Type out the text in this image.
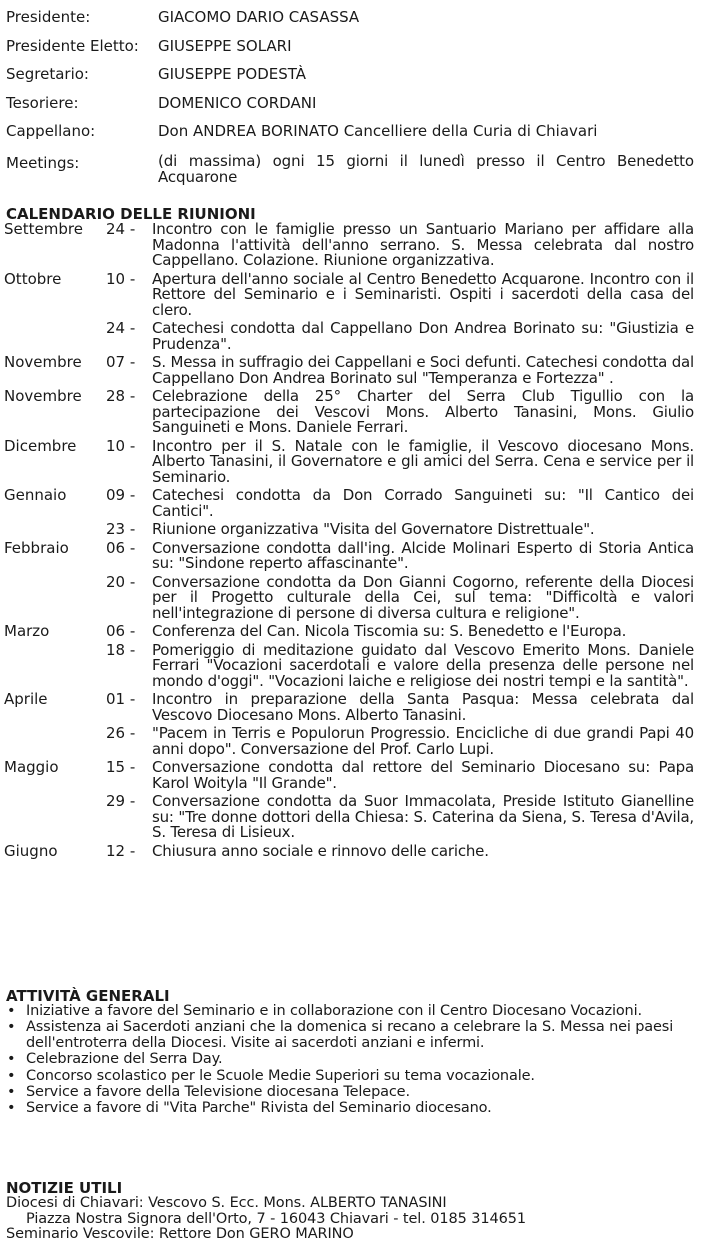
Presidente:	GIACOMO DARIO CASASSA
Presidente Eletto: GIUSEPPE SOLARI
Segretario:	GIUSEPPE PODESTÀ
Tesoriere:	DOMENICO CORDANI
Cappellano:	Don ANDREA BORINATO Cancelliere della Curia di Chiavari
Meetings:	(di massima) ogni 15 giorni il lunedì presso il Centro Benedetto Acquarone
CALENDARIO DELLE RIUNIONI
Settembre	24 -	Incontro con le famiglie presso un Santuario Mariano per affidare alla Madonna l'attività dell'anno serrano. S. Messa celebrata dal nostro Cappellano. Colazione. Riunione organizzativa.
Ottobre	10 -	Apertura dell'anno sociale al Centro Benedetto Acquarone. Incontro con il Rettore del Seminario e i Seminaristi. Ospiti i sacerdoti della casa del clero.
24 -	Catechesi condotta dal Cappellano Don Andrea Borinato su: "Giustizia e Prudenza".
Novembre	07 -	S. Messa in suffragio dei Cappellani e Soci defunti. Catechesi condotta dal Cappellano Don Andrea Borinato sul "Temperanza e Fortezza" .
Novembre	28 -	Celebrazione della 25° Charter del Serra Club Tigullio con la partecipazione dei Vescovi Mons. Alberto Tanasini, Mons. Giulio Sanguineti e Mons. Daniele Ferrari.
Dicembre	10 -	Incontro per il S. Natale con le famiglie, il Vescovo diocesano Mons. Alberto Tanasini, il Governatore e gli amici del Serra. Cena e service per il Seminario.
Gennaio	09 -	Catechesi condotta da Don Corrado Sanguineti su: "Il Cantico dei Cantici".
23 -	Riunione organizzativa "Visita del Governatore Distrettuale".
Febbraio	06 -	Conversazione condotta dall'ing. Alcide Molinari Esperto di Storia Antica su: "Sindone reperto affascinante".
20 -	Conversazione condotta da Don Gianni Cogorno, referente della Diocesi per il Progetto culturale della Cei, sul tema: "Difficoltà e valori nell'integrazione di persone di diversa cultura e religione".
Marzo	06 -	Conferenza del Can. Nicola Tiscomia su: S. Benedetto e l'Europa.
18 -	Pomeriggio di meditazione guidato dal Vescovo Emerito Mons. Daniele Ferrari "Vocazioni sacerdotali e valore della presenza delle persone nel mondo d'oggi". "Vocazioni laiche e religiose dei nostri tempi e la santità".
Aprile	01 -	Incontro in preparazione della Santa Pasqua: Messa celebrata dal Vescovo Diocesano Mons. Alberto Tanasini.
26 -	"Pacem in Terris e Populorun Progressio. Encicliche di due grandi Papi 40 anni dopo". Conversazione del Prof. Carlo Lupi.
Maggio	15 -	Conversazione condotta dal rettore del Seminario Diocesano su: Papa Karol Woityla "Il Grande".
29 -	Conversazione condotta da Suor Immacolata, Preside Istituto Gianelline su: "Tre donne dottori della Chiesa: S. Caterina da Siena, S. Teresa d'Avila, S. Teresa di Lisieux.
Giugno	12 -	Chiusura anno sociale e rinnovo delle cariche.
ATTIVITÀ GENERALI
• Iniziative a favore del Seminario e in collaborazione con il Centro Diocesano Vocazioni.
• Assistenza ai Sacerdoti anziani che la domenica si recano a celebrare la S. Messa nei paesi dell'entroterra della Diocesi. Visite ai sacerdoti anziani e infermi.
• Celebrazione del Serra Day.
• Concorso scolastico per le Scuole Medie Superiori su tema vocazionale.
• Service a favore della Televisione diocesana Telepace.
• Service a favore di "Vita Parche" Rivista del Seminario diocesano.
NOTIZIE UTILI
Diocesi di Chiavari: Vescovo S. Ecc. Mons. ALBERTO TANASINI
Piazza Nostra Signora dell'Orto, 7 - 16043 Chiavari - tel. 0185 314651
Seminario Vescovile: Rettore Don GERO MARINO
